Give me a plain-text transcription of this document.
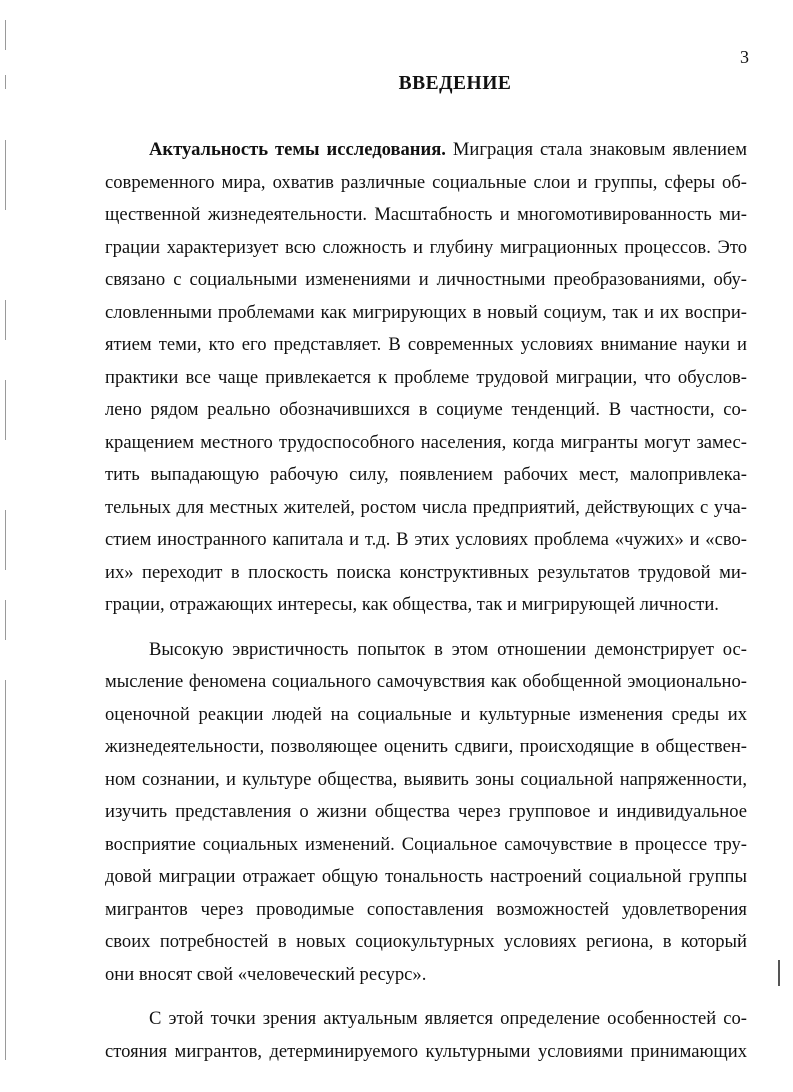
3
ВВЕДЕНИЕ
Актуальность темы исследования. Миграция стала знаковым явлением
современного мира, охватив различные социальные слои и группы, сферы об-
щественной жизнедеятельности. Масштабность и многомотивированность ми-
грации характеризует всю сложность и глубину миграционных процессов. Это
связано с социальными изменениями и личностными преобразованиями, обу-
словленными проблемами как мигрирующих в новый социум, так и их воспри-
ятием теми, кто его представляет. В современных условиях внимание науки и
практики все чаще привлекается к проблеме трудовой миграции, что обуслов-
лено рядом реально обозначившихся в социуме тенденций. В частности, со-
кращением местного трудоспособного населения, когда мигранты могут замес-
тить выпадающую рабочую силу, появлением рабочих мест, малопривлека-
тельных для местных жителей, ростом числа предприятий, действующих с уча-
стием иностранного капитала и т.д. В этих условиях проблема «чужих» и «сво-
их» переходит в плоскость поиска конструктивных результатов трудовой ми-
грации, отражающих интересы, как общества, так и мигрирующей личности.
Высокую эвристичность попыток в этом отношении демонстрирует ос-
мысление феномена социального самочувствия как обобщенной эмоционально-
оценочной реакции людей на социальные и культурные изменения среды их
жизнедеятельности, позволяющее оценить сдвиги, происходящие в обществен-
ном сознании, и культуре общества, выявить зоны социальной напряженности,
изучить представления о жизни общества через групповое и индивидуальное
восприятие социальных изменений. Социальное самочувствие в процессе тру-
довой миграции отражает общую тональность настроений социальной группы
мигрантов через проводимые сопоставления возможностей удовлетворения
своих потребностей в новых социокультурных условиях региона, в который
они вносят свой «человеческий ресурс».
С этой точки зрения актуальным является определение особенностей со-
стояния мигрантов, детерминируемого культурными условиями принимающих
